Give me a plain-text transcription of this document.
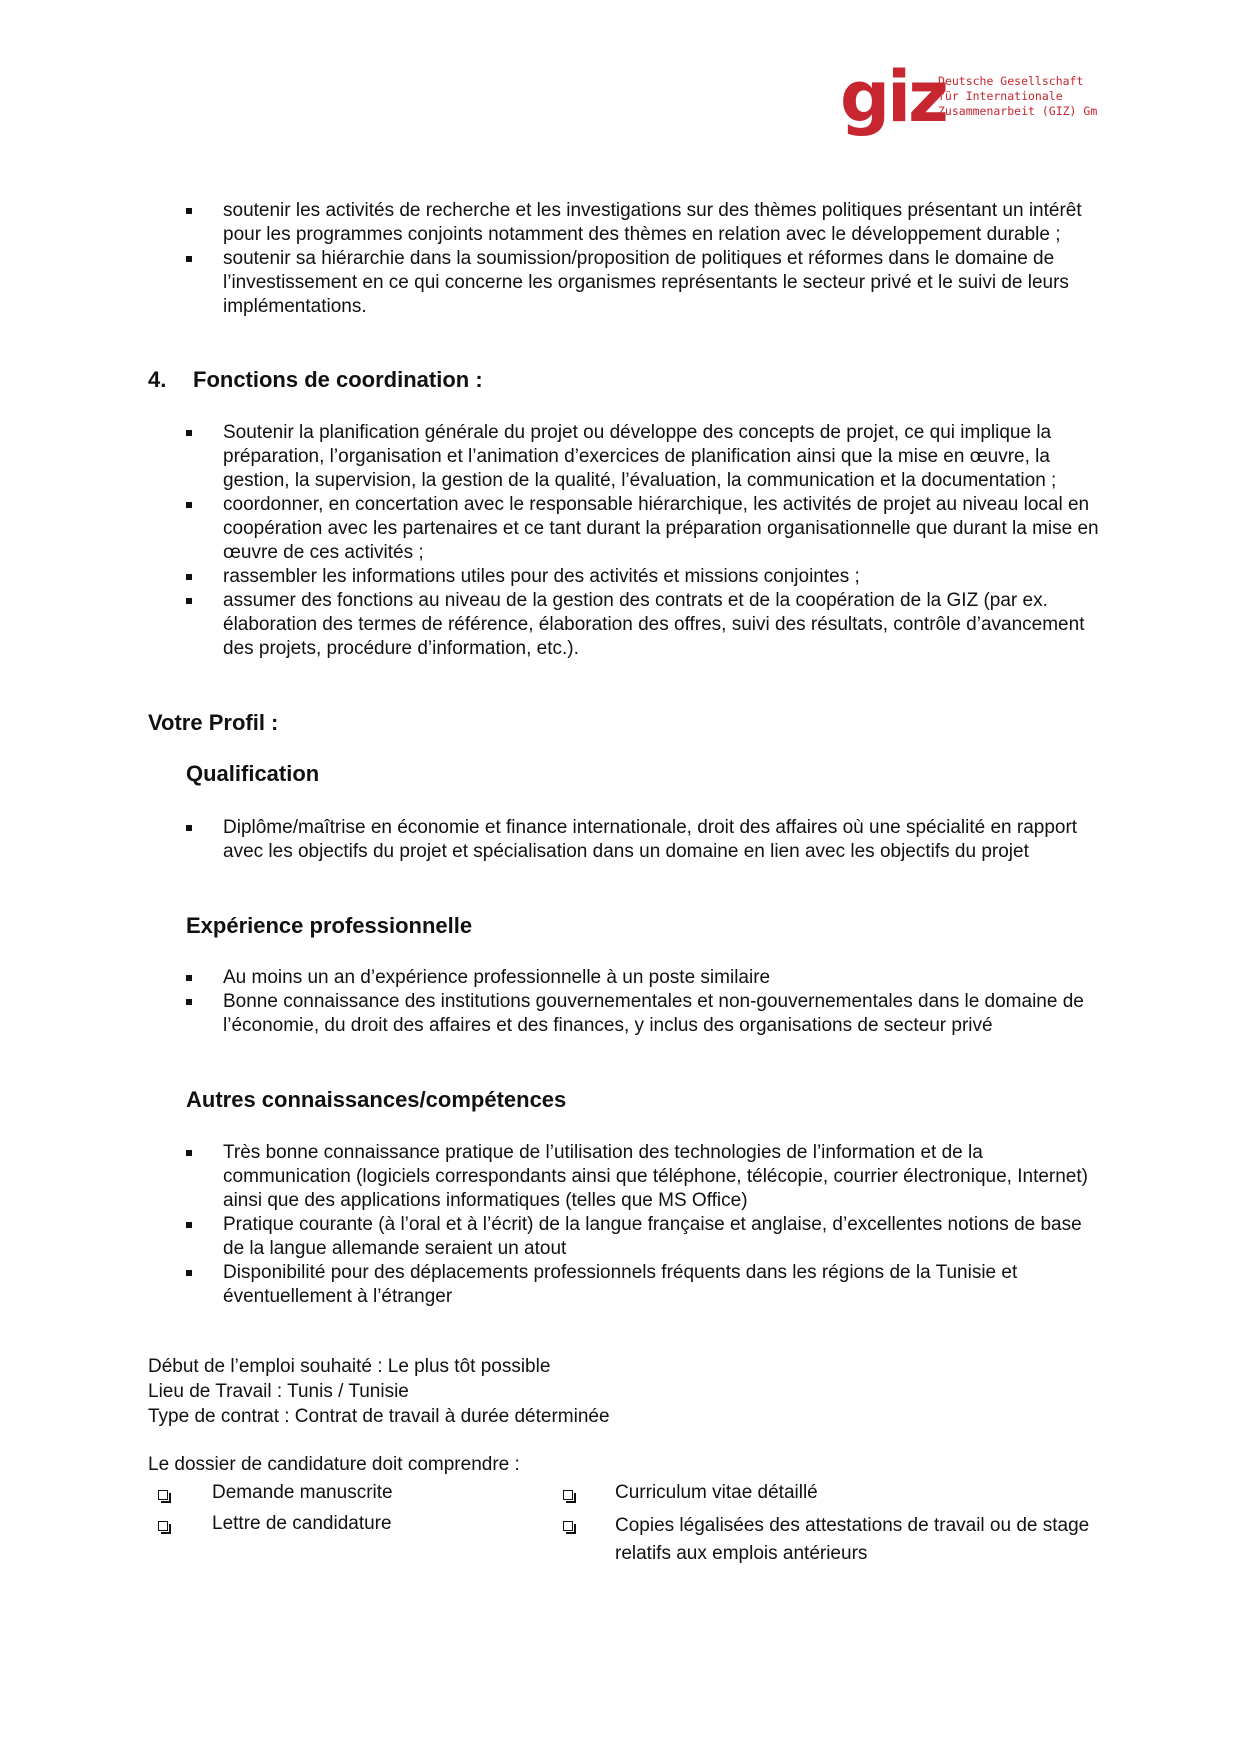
giz
Deutsche Gesellschaft
für Internationale
Zusammenarbeit (GIZ) Gm
soutenir les activités de recherche et les investigations sur des thèmes politiques présentant un intérêt pour les programmes conjoints notamment des thèmes en relation avec le développement durable ;
soutenir sa hiérarchie dans la soumission/proposition de politiques et réformes dans le domaine de l’investissement en ce qui concerne les organismes représentants le secteur privé et le suivi de leurs implémentations.
4. Fonctions de coordination :
Soutenir la planification générale du projet ou développe des concepts de projet, ce qui implique la préparation, l’organisation et l’animation d’exercices de planification ainsi que la mise en œuvre, la gestion, la supervision, la gestion de la qualité, l’évaluation, la communication et la documentation ;
coordonner, en concertation avec le responsable hiérarchique, les activités de projet au niveau local en coopération avec les partenaires et ce tant durant la préparation organisationnelle que durant la mise en œuvre de ces activités ;
rassembler les informations utiles pour des activités et missions conjointes ;
assumer des fonctions au niveau de la gestion des contrats et de la coopération de la GIZ (par ex. élaboration des termes de référence, élaboration des offres, suivi des résultats, contrôle d’avancement des projets, procédure d’information, etc.).
Votre Profil :
Qualification
Diplôme/maîtrise en économie et finance internationale, droit des affaires où une spécialité en rapport avec les objectifs du projet et spécialisation dans un domaine en lien avec les objectifs du projet
Expérience professionnelle
Au moins un an d’expérience professionnelle à un poste similaire
Bonne connaissance des institutions gouvernementales et non-gouvernementales dans le domaine de l’économie, du droit des affaires et des finances, y inclus des organisations de secteur privé
Autres connaissances/compétences
Très bonne connaissance pratique de l’utilisation des technologies de l’information et de la communication (logiciels correspondants ainsi que téléphone, télécopie, courrier électronique, Internet) ainsi que des applications informatiques (telles que MS Office)
Pratique courante (à l’oral et à l’écrit) de la langue française et anglaise, d’excellentes notions de base de la langue allemande seraient un atout
Disponibilité pour des déplacements professionnels fréquents dans les régions de la Tunisie et éventuellement à l’étranger
Début de l’emploi souhaité : Le plus tôt possible
Lieu de Travail : Tunis / Tunisie
Type de contrat : Contrat de travail à durée déterminée
Le dossier de candidature doit comprendre :
Demande manuscrite	Curriculum vitae détaillé
Lettre de candidature	Copies légalisées des attestations de travail ou de stage relatifs aux emplois antérieurs
